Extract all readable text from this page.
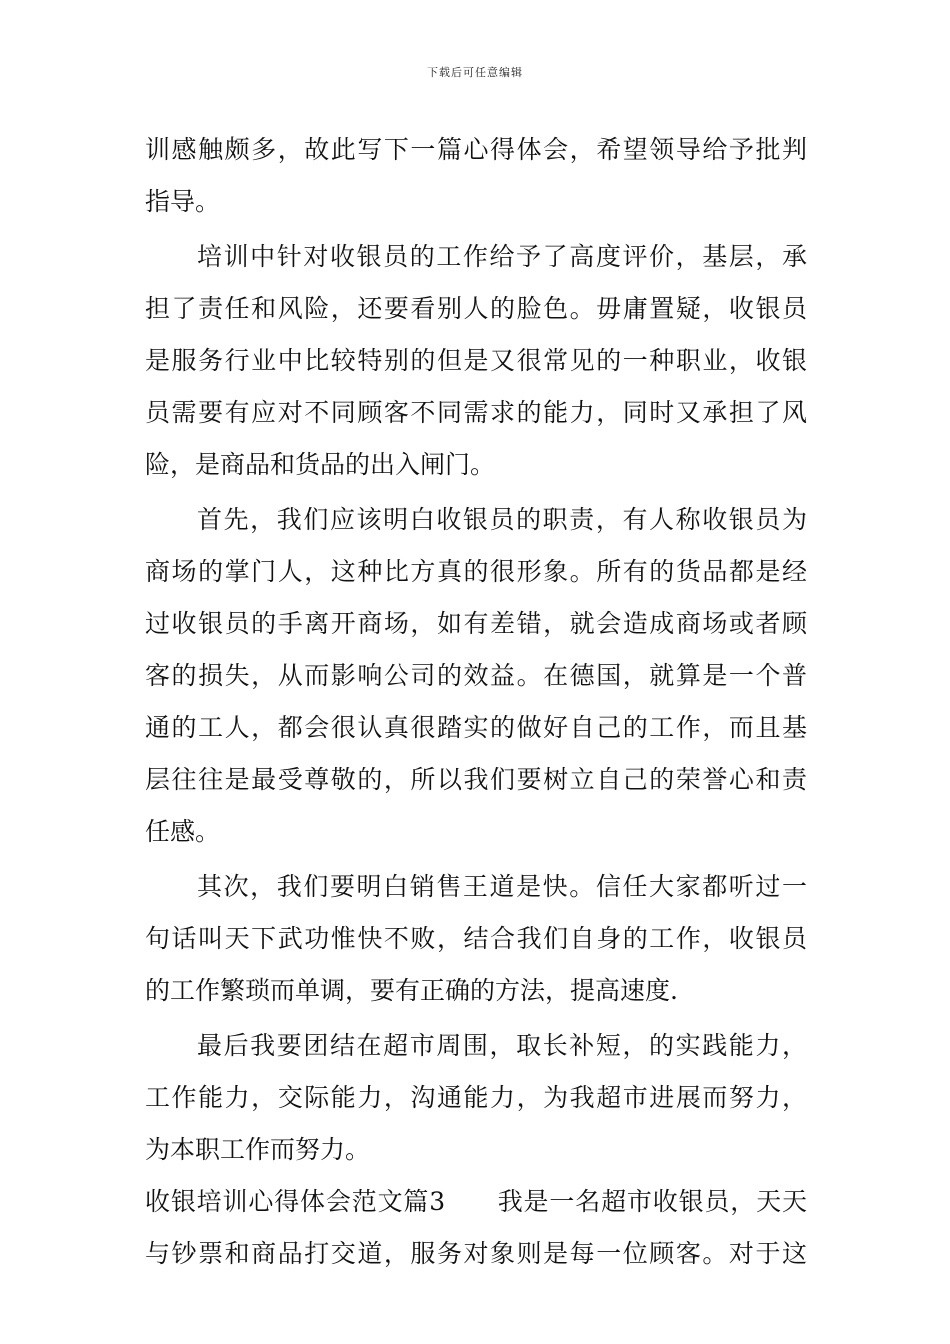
下载后可任意编辑
训感触颇多，故此写下一篇心得体会，希望领导给予批判
指导。
培训中针对收银员的工作给予了高度评价，基层，承
担了责任和风险，还要看别人的脸色。毋庸置疑，收银员
是服务行业中比较特别的但是又很常见的一种职业，收银
员需要有应对不同顾客不同需求的能力，同时又承担了风
险，是商品和货品的出入闸门。
首先，我们应该明白收银员的职责，有人称收银员为
商场的掌门人，这种比方真的很形象。所有的货品都是经
过收银员的手离开商场，如有差错，就会造成商场或者顾
客的损失，从而影响公司的效益。在德国，就算是一个普
通的工人，都会很认真很踏实的做好自己的工作，而且基
层往往是最受尊敬的，所以我们要树立自己的荣誉心和责
任感。
其次，我们要明白销售王道是快。信任大家都听过一
句话叫天下武功惟快不败，结合我们自身的工作，收银员
的工作繁琐而单调，要有正确的方法，提高速度.
最后我要团结在超市周围，取长补短，的实践能力，
工作能力，交际能力，沟通能力，为我超市进展而努力，
为本职工作而努力。
收银培训心得体会范文篇3　　我是一名超市收银员，天天
与钞票和商品打交道，服务对象则是每一位顾客。对于这
